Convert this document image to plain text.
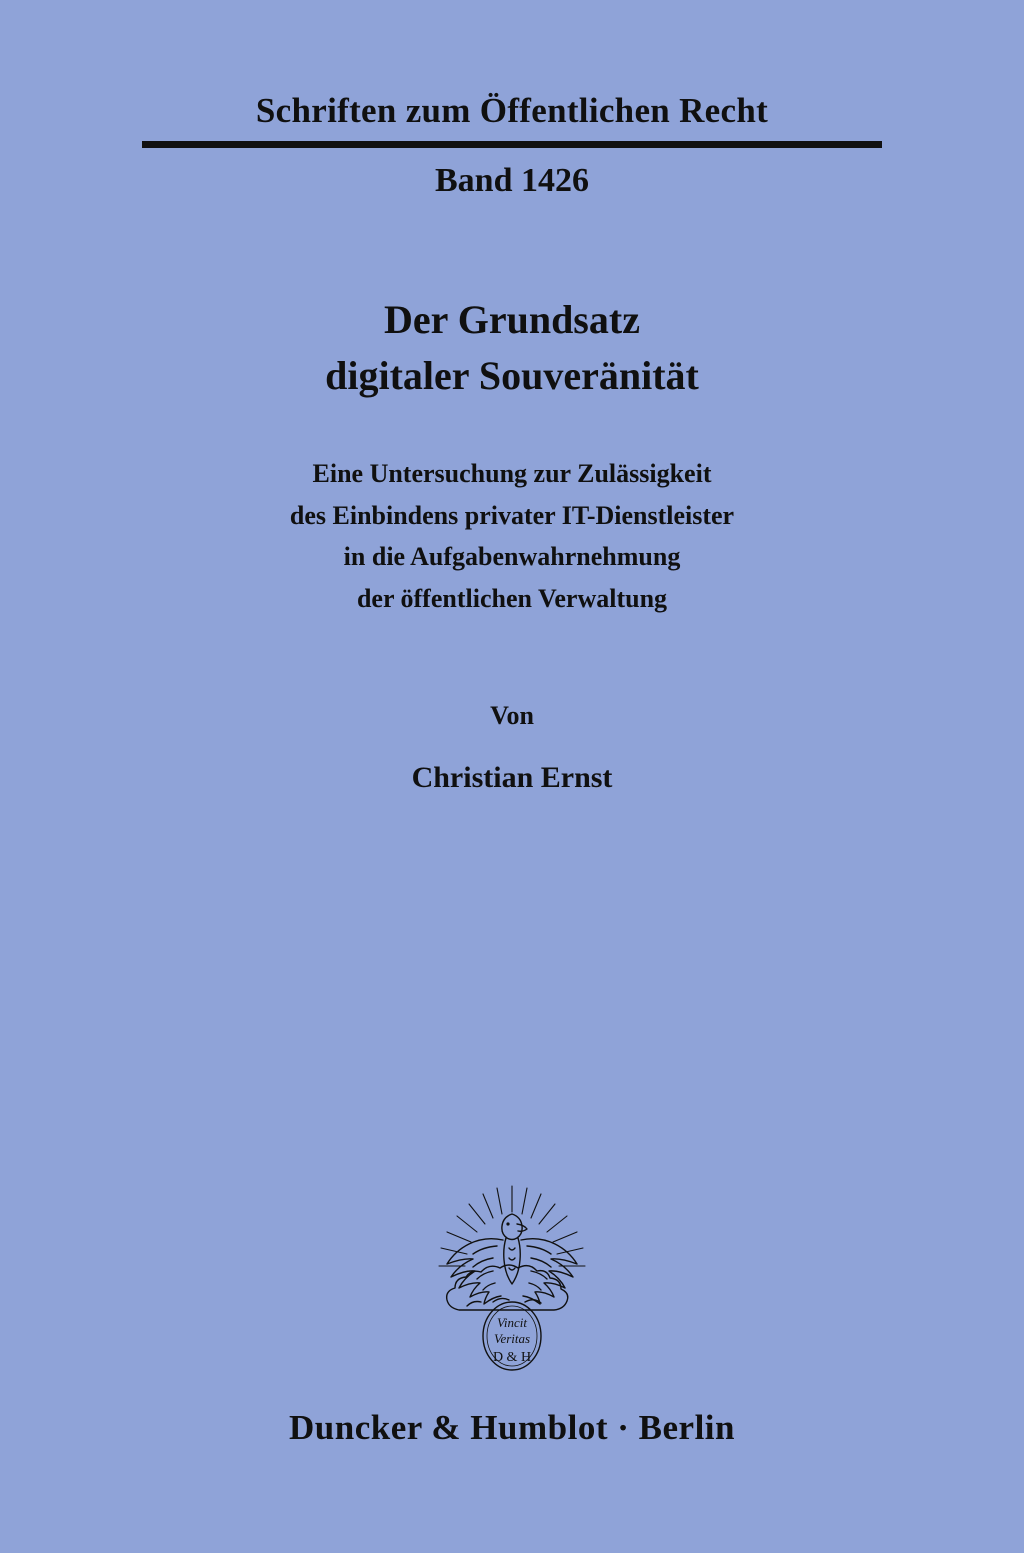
Schriften zum Öffentlichen Recht
Band 1426
Der Grundsatz
digitaler Souveränität
Eine Untersuchung zur Zulässigkeit
des Einbindens privater IT-Dienstleister
in die Aufgabenwahrnehmung
der öffentlichen Verwaltung
Von
Christian Ernst
Vincit
Veritas
D & H
Duncker & Humblot · Berlin
